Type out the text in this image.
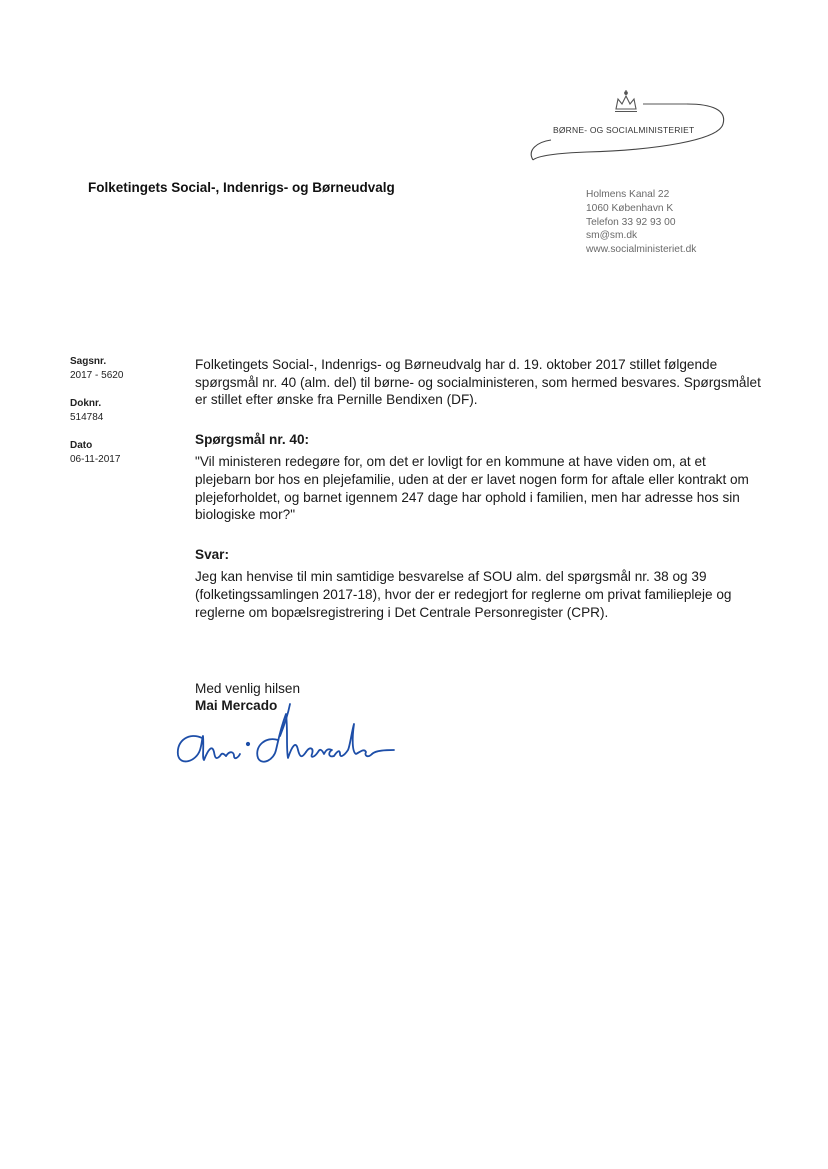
BØRNE- OG SOCIALMINISTERIET
Folketingets Social-, Indenrigs- og Børneudvalg	Holmens Kanal 22
1060 København K
Telefon 33 92 93 00
sm@sm.dk
www.socialministeriet.dk
Sagsnr.
2017 - 5620
Doknr.
514784
Dato
06-11-2017

Folketingets Social-, Indenrigs- og Børneudvalg har d. 19. oktober 2017 stillet følgende spørgsmål nr. 40 (alm. del) til børne- og socialministeren, som hermed besvares. Spørgsmålet er stillet efter ønske fra Pernille Bendixen (DF).

Spørgsmål nr. 40:

"Vil ministeren redegøre for, om det er lovligt for en kommune at have viden om, at et plejebarn bor hos en plejefamilie, uden at der er lavet nogen form for aftale eller kontrakt om plejeforholdet, og barnet igennem 247 dage har ophold i familien, men har adresse hos sin biologiske mor?"

Svar:

Jeg kan henvise til min samtidige besvarelse af SOU alm. del spørgsmål nr. 38 og 39 (folketingssamlingen 2017-18), hvor der er redegjort for reglerne om privat familiepleje og reglerne om bopælsregistrering i Det Centrale Personregister (CPR).

Med venlig hilsen
Mai Mercado
